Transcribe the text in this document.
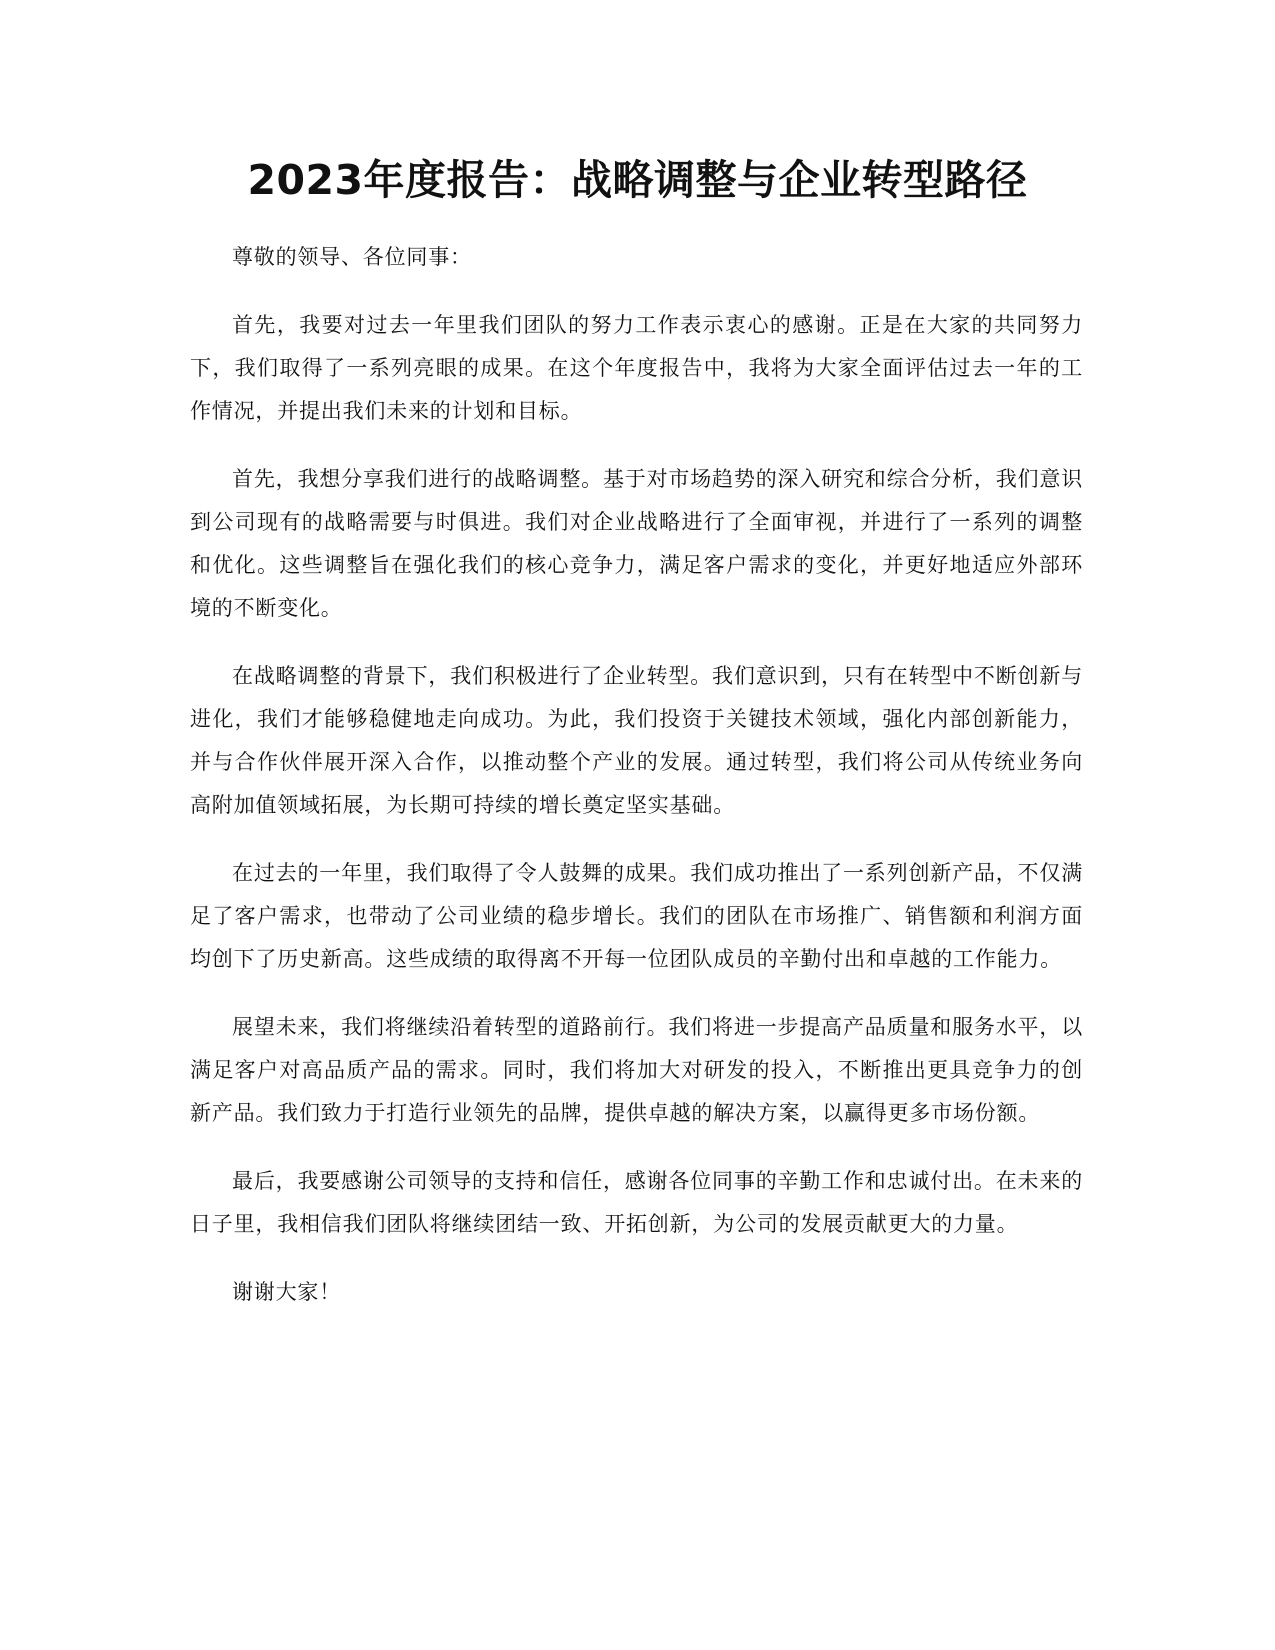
2023年度报告：战略调整与企业转型路径

尊敬的领导、各位同事：

首先，我要对过去一年里我们团队的努力工作表示衷心的感谢。正是在大家的共同努力下，我们取得了一系列亮眼的成果。在这个年度报告中，我将为大家全面评估过去一年的工作情况，并提出我们未来的计划和目标。

首先，我想分享我们进行的战略调整。基于对市场趋势的深入研究和综合分析，我们意识到公司现有的战略需要与时俱进。我们对企业战略进行了全面审视，并进行了一系列的调整和优化。这些调整旨在强化我们的核心竞争力，满足客户需求的变化，并更好地适应外部环境的不断变化。

在战略调整的背景下，我们积极进行了企业转型。我们意识到，只有在转型中不断创新与进化，我们才能够稳健地走向成功。为此，我们投资于关键技术领域，强化内部创新能力，并与合作伙伴展开深入合作，以推动整个产业的发展。通过转型，我们将公司从传统业务向高附加值领域拓展，为长期可持续的增长奠定坚实基础。

在过去的一年里，我们取得了令人鼓舞的成果。我们成功推出了一系列创新产品，不仅满足了客户需求，也带动了公司业绩的稳步增长。我们的团队在市场推广、销售额和利润方面均创下了历史新高。这些成绩的取得离不开每一位团队成员的辛勤付出和卓越的工作能力。

展望未来，我们将继续沿着转型的道路前行。我们将进一步提高产品质量和服务水平，以满足客户对高品质产品的需求。同时，我们将加大对研发的投入，不断推出更具竞争力的创新产品。我们致力于打造行业领先的品牌，提供卓越的解决方案，以赢得更多市场份额。

最后，我要感谢公司领导的支持和信任，感谢各位同事的辛勤工作和忠诚付出。在未来的日子里，我相信我们团队将继续团结一致、开拓创新，为公司的发展贡献更大的力量。

谢谢大家！
